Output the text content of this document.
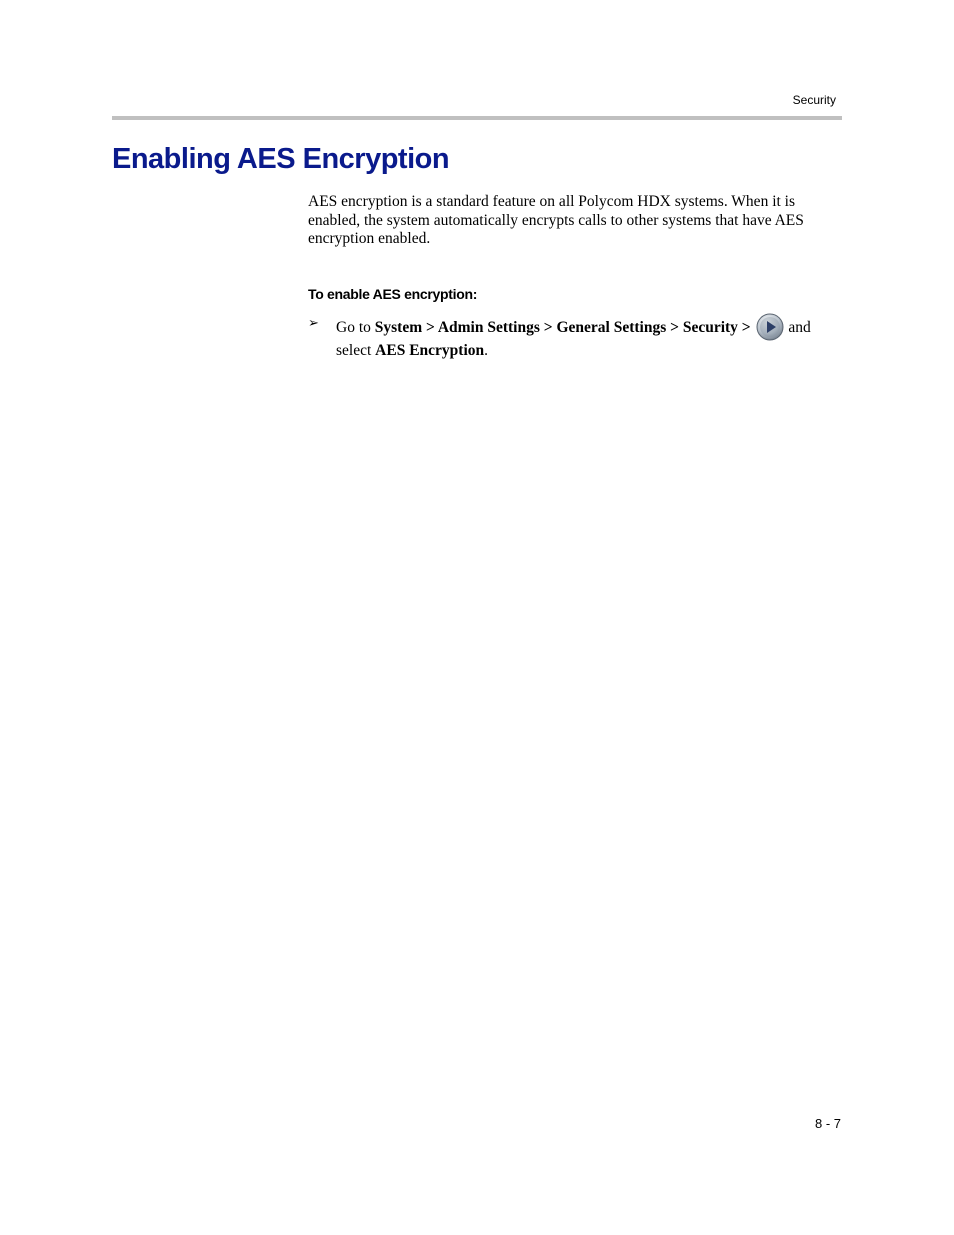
Security
Enabling AES Encryption

AES encryption is a standard feature on all Polycom HDX systems. When it is enabled, the system automatically encrypts calls to other systems that have AES encryption enabled.

To enable AES encryption:

➢ Go to System > Admin Settings > General Settings > Security >  and select AES Encryption.
8 - 7
